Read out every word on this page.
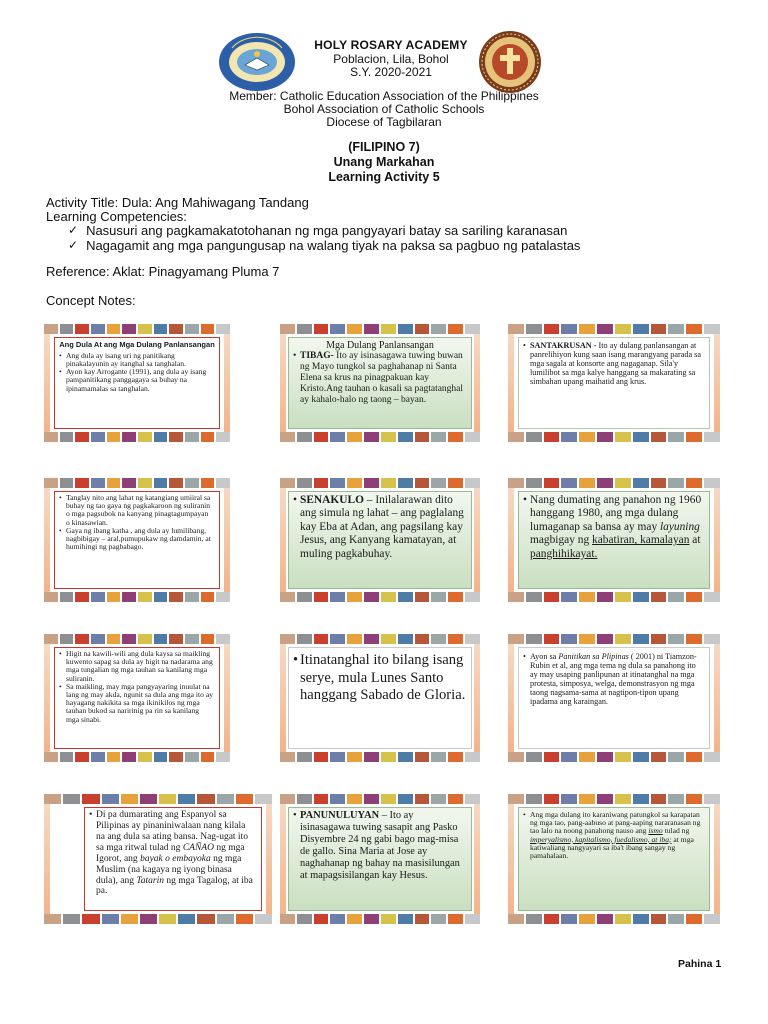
HOLY ROSARY ACADEMY
Poblacion, Lila, Bohol
S.Y. 2020-2021
Member: Catholic Education Association of the Philippines
Bohol Association of Catholic Schools
Diocese of Tagbilaran
(FILIPINO 7)
Unang Markahan
Learning Activity 5
Activity Title: Dula: Ang Mahiwagang Tandang
Learning Competencies:
✓ Nasusuri ang pagkamakatotohanan ng mga pangyayari batay sa sariling karanasan
✓ Nagagamit ang mga pangungusap na walang tiyak na paksa sa pagbuo ng patalastas
Reference: Aklat: Pinagyamang Pluma 7
Concept Notes:
Ang Dula At ang Mga Dulang Panlansangan
• Ang dula ay isang uri ng panitikang pinakalayunin ay itanghal sa tanghalan.
• Ayon kay Arrogante (1991), ang dula ay isang pampanitikang panggagaya sa buhay na ipinamamalas sa tanghalan.
Mga Dulang Panlansangan
• TIBAG- Ito ay isinasagawa tuwing buwan ng Mayo tungkol sa paghahanap ni Santa Elena sa krus na pinagpakuan kay Kristo.Ang tauhan o kasali sa pagtatanghal ay kahalo-halo ng taong – bayan.
• SANTAKRUSAN - Ito ay dulang panlansangan at panrelihiyon kung saan isang marangyang parada sa mga sagala at konsorte ang nagaganap. Sila'y lumilibot sa mga kalye hanggang sa makarating sa simbahan upang maihatid ang krus.
• Tanglay nito ang lahat ng katangiang umiiral sa buhay ng tao gaya ng pagkakaroon ng suliranin o mga pagsubok na kanyang pinagtagumpayan o kinasawian.
• Gaya ng ibang katha , ang dula ay lumilibang, nagbibigay – aral,pumupukaw ng damdamin, at humihingi ng pagbabago.
• SENAKULO – Inilalarawan dito ang simula ng lahat – ang paglalang kay Eba at Adan, ang pagsilang kay Jesus, ang Kanyang kamatayan, at muling pagkabuhay.
• Nang dumating ang panahon ng 1960 hanggang 1980, ang mga dulang lumaganap sa bansa ay may layuning magbigay ng kabatiran, kamalayan at panghihikayat.
• Higit na kawili-wili ang dula kaysa sa maikling kuwento sapag sa dula ay higit na nadarama ang mga tungalian ng mga tauhan sa kanilang mga suliranin.
• Sa maikling, may mga pangyayaring inuulat na lang ng may akda, ngunit sa dula ang mga ito ay hayagang nakikita sa mga ikinikilos ng mga tauhan bukod sa naririnig pa rin sa kanilang mga sinabi.
• Itinatanghal ito bilang isang serye, mula Lunes Santo hanggang Sabado de Gloria.
• Ayon sa Panitikan sa Plipinas ( 2001) ni Tiamzon- Rubin et al, ang mga tema ng dula sa panahong ito ay may usaping panlipunan at itinatanghal na mga protesta, simposya, welga, demonstrasyon ng mga taong nagsama-sama at nagtipon-tipon upang ipadama ang karaingan.
• Di pa dumarating ang Espanyol sa Pilipinas ay pinaniniwalaan nang kilala na ang dula sa ating bansa. Nag-ugat ito sa mga ritwal tulad ng CAÑAO ng mga Igorot, ang bayak o embayoka ng mga Muslim (na kagaya ng iyong binasa dula), ang Tatarin ng mga Tagalog, at iba pa.
• PANUNULUYAN – Ito ay isinasagawa tuwing sasapit ang Pasko Disyembre 24 ng gabi bago mag-misa de gallo. Sina Maria at Jose ay naghahanap ng bahay na masisilungan at mapagsisilangan kay Hesus.
• Ang mga dulang ito karaniwang patungkol sa karapatan ng mga tao, pang-aabuso at pang-aaping nararanasan ng tao lalo na noong panahong nauso ang ismo tulad ng imperyalismo, kapitalismo, fuedalismo, at iba; at mga katiwaliang nangyayari sa iba't ibang sangay ng pamahalaan.
Pahina 1
